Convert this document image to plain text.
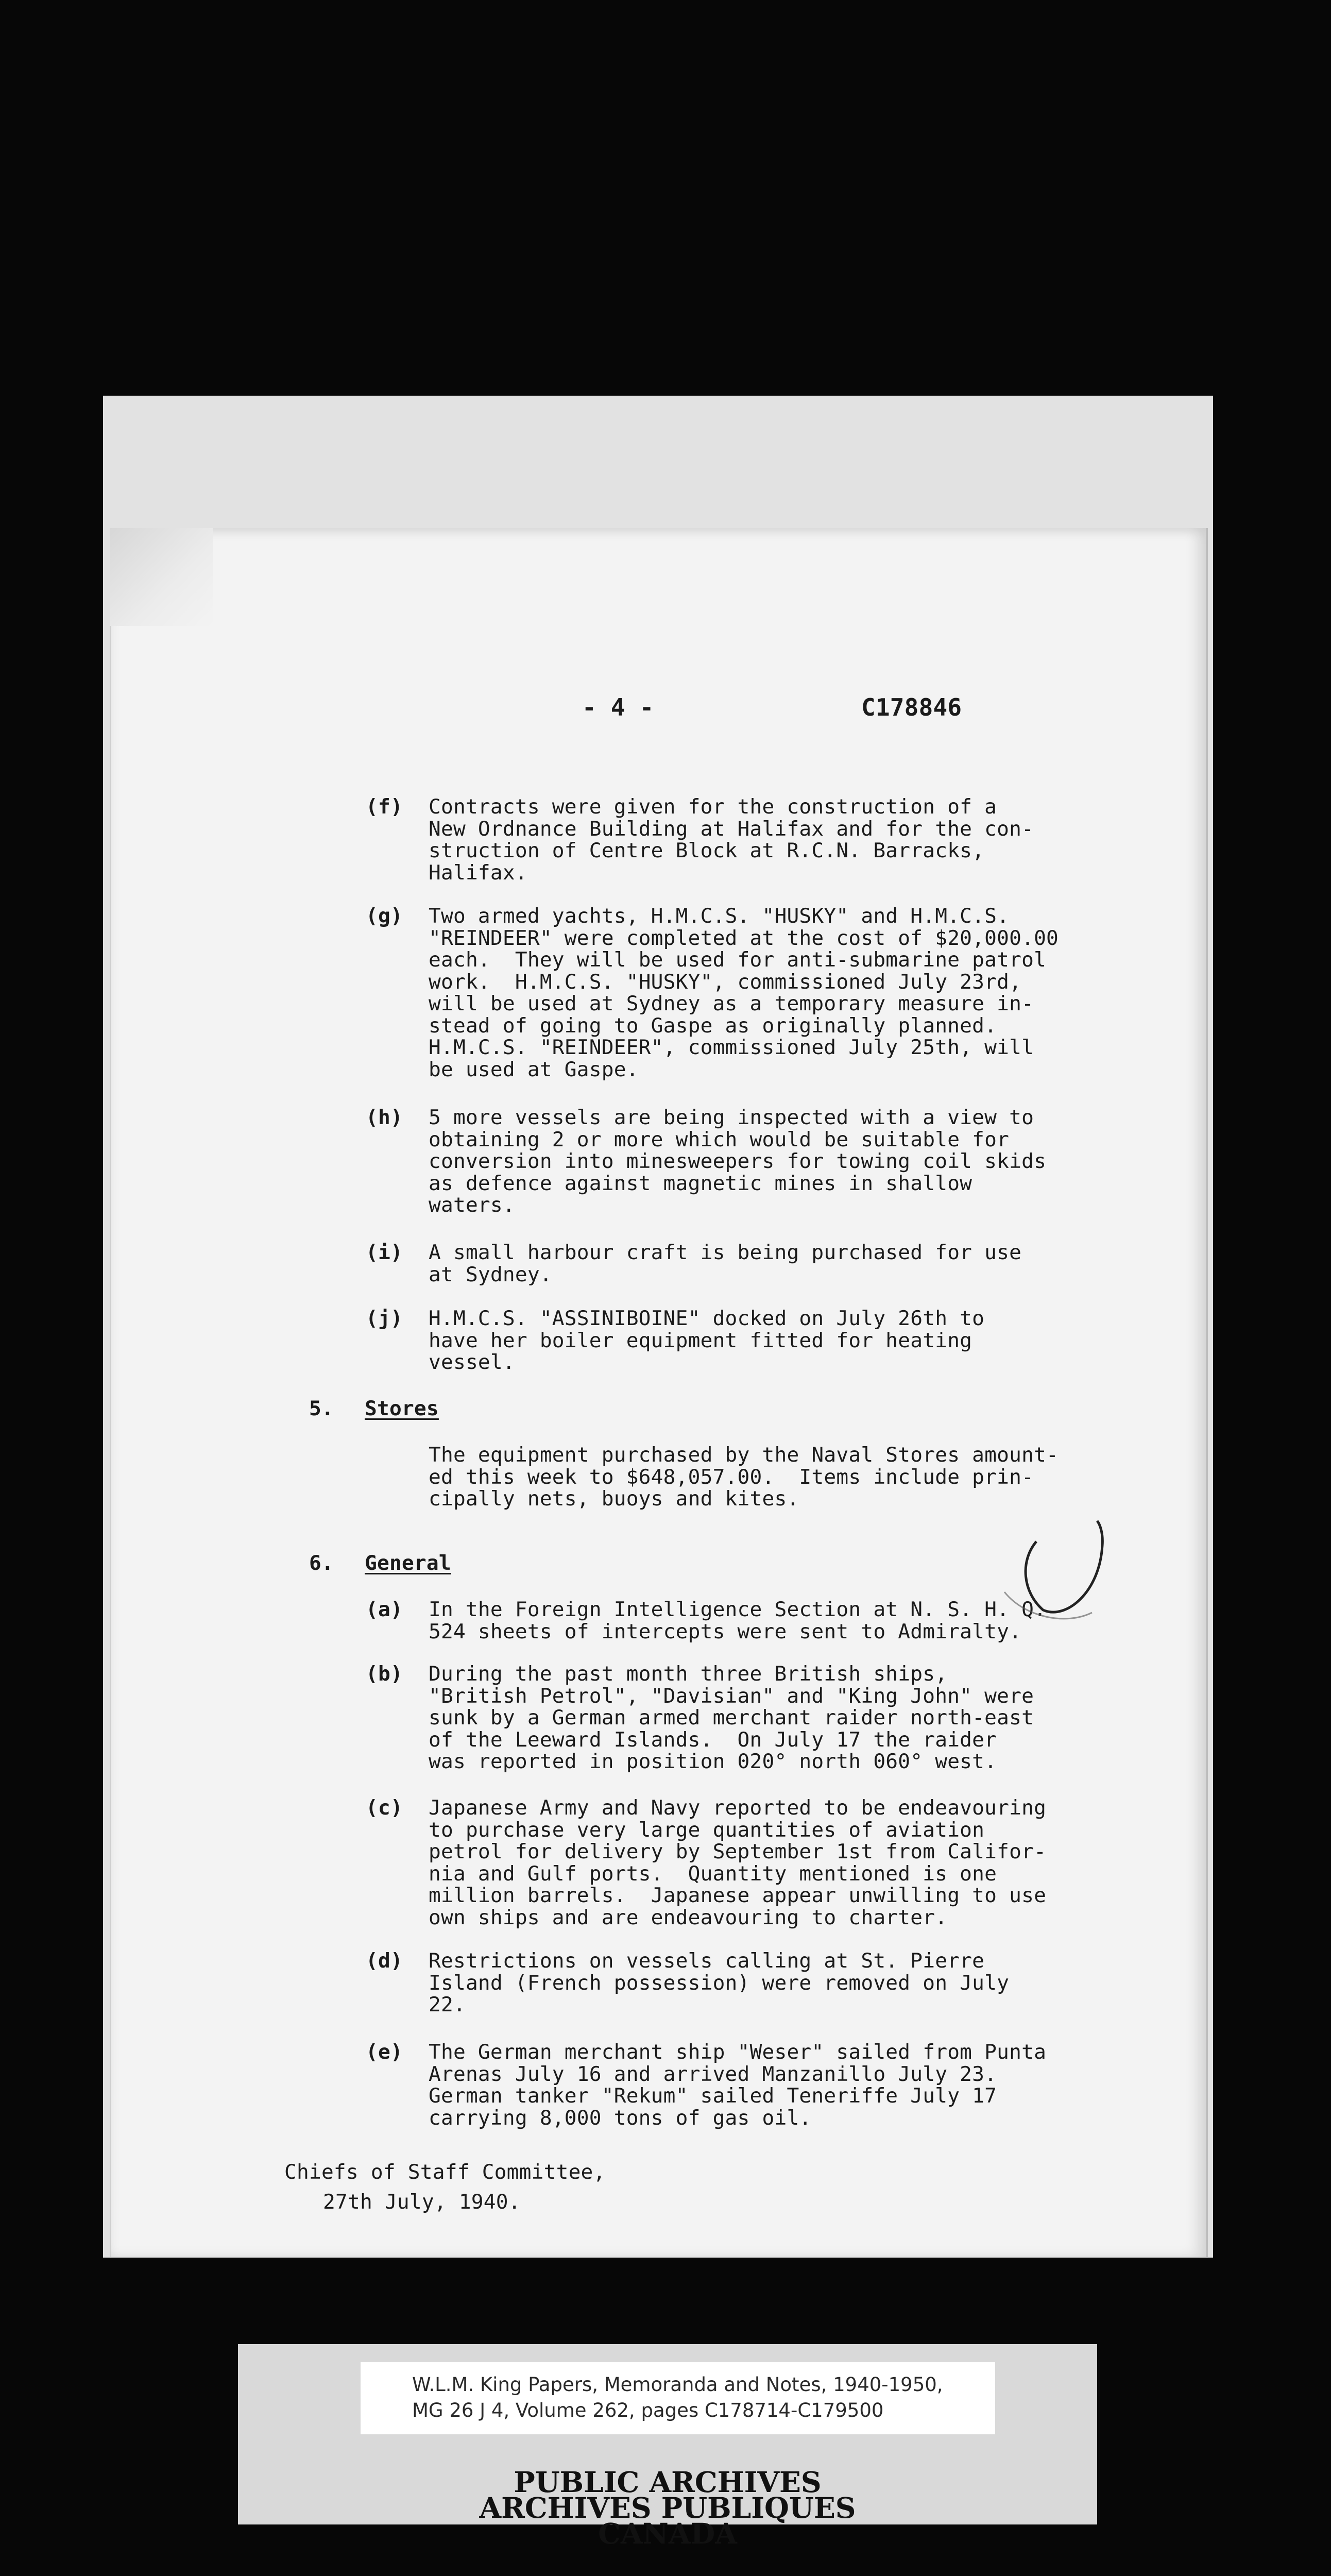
- 4 -	C178846

(f) Contracts were given for the construction of a
New Ordnance Building at Halifax and for the con-
struction of Centre Block at R.C.N. Barracks,
Halifax.

(g) Two armed yachts, H.M.C.S. "HUSKY" and H.M.C.S.
"REINDEER" were completed at the cost of $20,000.00
each.  They will be used for anti-submarine patrol
work.  H.M.C.S. "HUSKY", commissioned July 23rd,
will be used at Sydney as a temporary measure in-
stead of going to Gaspe as originally planned.
H.M.C.S. "REINDEER", commissioned July 25th, will
be used at Gaspe.

(h) 5 more vessels are being inspected with a view to
obtaining 2 or more which would be suitable for
conversion into minesweepers for towing coil skids
as defence against magnetic mines in shallow
waters.

(i) A small harbour craft is being purchased for use
at Sydney.

(j) H.M.C.S. "ASSINIBOINE" docked on July 26th to
have her boiler equipment fitted for heating
vessel.

5. Stores

The equipment purchased by the Naval Stores amount-
ed this week to $648,057.00.  Items include prin-
cipally nets, buoys and kites.

6. General

(a) In the Foreign Intelligence Section at N. S. H. Q.
524 sheets of intercepts were sent to Admiralty.

(b) During the past month three British ships,
"British Petrol", "Davisian" and "King John" were
sunk by a German armed merchant raider north-east
of the Leeward Islands.  On July 17 the raider
was reported in position 020° north 060° west.

(c) Japanese Army and Navy reported to be endeavouring
to purchase very large quantities of aviation
petrol for delivery by September 1st from Califor-
nia and Gulf ports.  Quantity mentioned is one
million barrels.  Japanese appear unwilling to use
own ships and are endeavouring to charter.

(d) Restrictions on vessels calling at St. Pierre
Island (French possession) were removed on July
22.

(e) The German merchant ship "Weser" sailed from Punta
Arenas July 16 and arrived Manzanillo July 23.
German tanker "Rekum" sailed Teneriffe July 17
carrying 8,000 tons of gas oil.

Chiefs of Staff Committee,

27th July, 1940.

PUBLIC ARCHIVES

ARCHIVES PUBLIQUES

CANADA

W.L.M. King Papers, Memoranda and Notes, 1940-1950,

MG 26 J 4, Volume 262, pages C178714-C179500
